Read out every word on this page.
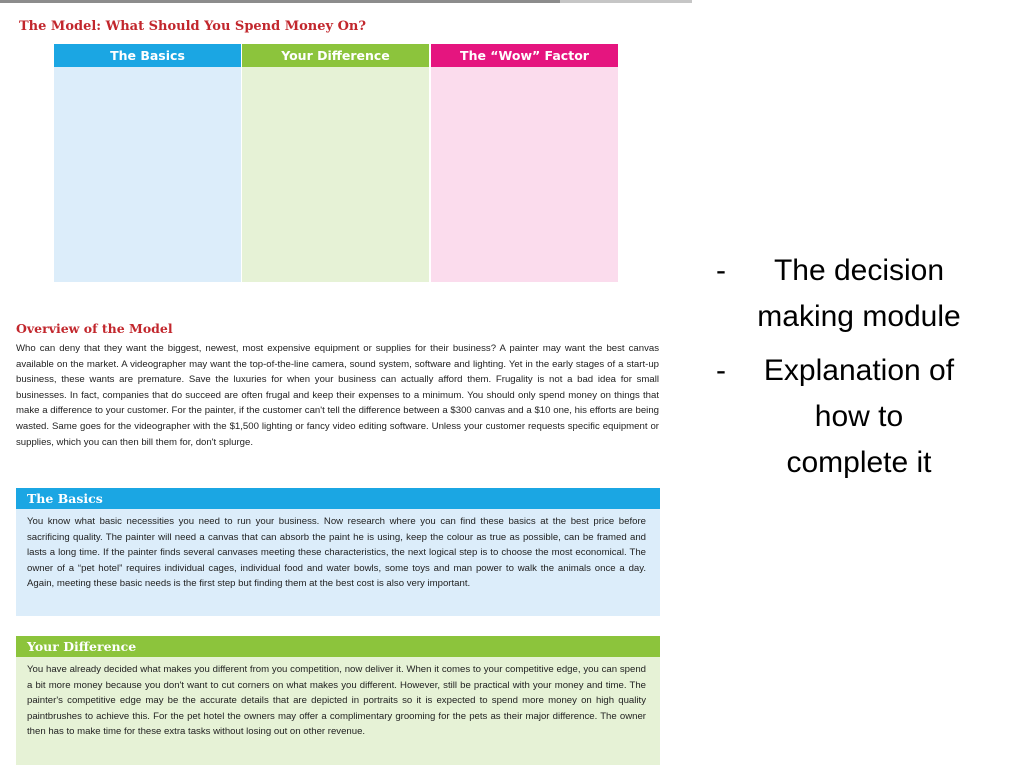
The Model: What Should You Spend Money On?
The Basics	Your Difference	The “Wow” Factor
Overview of the Model

Who can deny that they want the biggest, newest, most expensive equipment or supplies for their business? A painter may want the best canvas available on the market. A videographer may want the top-of-the-line camera, sound system, software and lighting. Yet in the early stages of a start-up business, these wants are premature. Save the luxuries for when your business can actually afford them. Frugality is not a bad idea for small businesses. In fact, companies that do succeed are often frugal and keep their expenses to a minimum. You should only spend money on things that make a difference to your customer. For the painter, if the customer can't tell the difference between a $300 canvas and a $10 one, his efforts are being wasted. Same goes for the videographer with the $1,500 lighting or fancy video editing software. Unless your customer requests specific equipment or supplies, which you can then bill them for, don't splurge.

The Basics
You know what basic necessities you need to run your business. Now research where you can find these basics at the best price before sacrificing quality. The painter will need a canvas that can absorb the paint he is using, keep the colour as true as possible, can be framed and lasts a long time. If the painter finds several canvases meeting these characteristics, the next logical step is to choose the most economical. The owner of a “pet hotel” requires individual cages, individual food and water bowls, some toys and man power to walk the animals once a day. Again, meeting these basic needs is the first step but finding them at the best cost is also very important.
Your Difference
You have already decided what makes you different from you competition, now deliver it. When it comes to your competitive edge, you can spend a bit more money because you don't want to cut corners on what makes you different. However, still be practical with your money and time. The painter's competitive edge may be the accurate details that are depicted in portraits so it is expected to spend more money on high quality paintbrushes to achieve this. For the pet hotel the owners may offer a complimentary grooming for the pets as their major difference. The owner then has to make time for these extra tasks without losing out on other revenue.
-	The decision making module
-	Explanation of how to complete it
